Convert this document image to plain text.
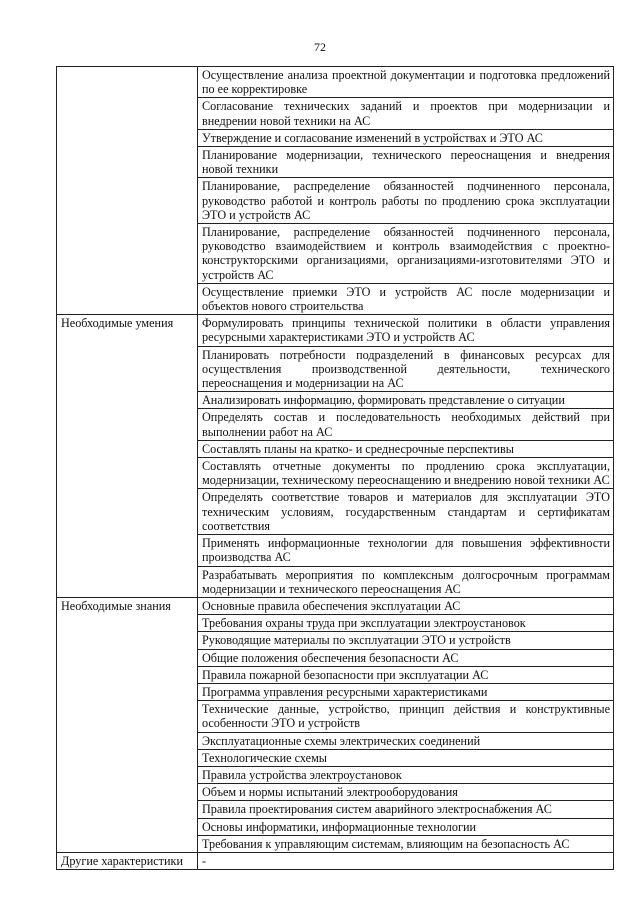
72
	Осуществление анализа проектной документации и подготовка предложений по ее корректировке
	Согласование технических заданий и проектов при модернизации и внедрении новой техники на АС
	Утверждение и согласование изменений в устройствах и ЭТО АС
	Планирование модернизации, технического переоснащения и внедрения новой техники
	Планирование, распределение обязанностей подчиненного персонала, руководство работой и контроль работы по продлению срока эксплуатации ЭТО и устройств АС
	Планирование, распределение обязанностей подчиненного персонала, руководство взаимодействием и контроль взаимодействия с проектно-конструкторскими организациями, организациями-изготовителями ЭТО и устройств АС
	Осуществление приемки ЭТО и устройств АС после модернизации и объектов нового строительства
Необходимые умения	Формулировать принципы технической политики в области управления ресурсными характеристиками ЭТО и устройств АС
	Планировать потребности подразделений в финансовых ресурсах для осуществления производственной деятельности, технического переоснащения и модернизации на АС
	Анализировать информацию, формировать представление о ситуации
	Определять состав и последовательность необходимых действий при выполнении работ на АС
	Составлять планы на кратко- и среднесрочные перспективы
	Составлять отчетные документы по продлению срока эксплуатации, модернизации, техническому переоснащению и внедрению новой техники АС
	Определять соответствие товаров и материалов для эксплуатации ЭТО техническим условиям, государственным стандартам и сертификатам соответствия
	Применять информационные технологии для повышения эффективности производства АС
	Разрабатывать мероприятия по комплексным долгосрочным программам модернизации и технического переоснащения АС
Необходимые знания	Основные правила обеспечения эксплуатации АС
	Требования охраны труда при эксплуатации электроустановок
	Руководящие материалы по эксплуатации ЭТО и устройств
	Общие положения обеспечения безопасности АС
	Правила пожарной безопасности при эксплуатации АС
	Программа управления ресурсными характеристиками
	Технические данные, устройство, принцип действия и конструктивные особенности ЭТО и устройств
	Эксплуатационные схемы электрических соединений
	Технологические схемы
	Правила устройства электроустановок
	Объем и нормы испытаний электрооборудования
	Правила проектирования систем аварийного электроснабжения АС
	Основы информатики, информационные технологии
	Требования к управляющим системам, влияющим на безопасность АС
Другие характеристики	-
